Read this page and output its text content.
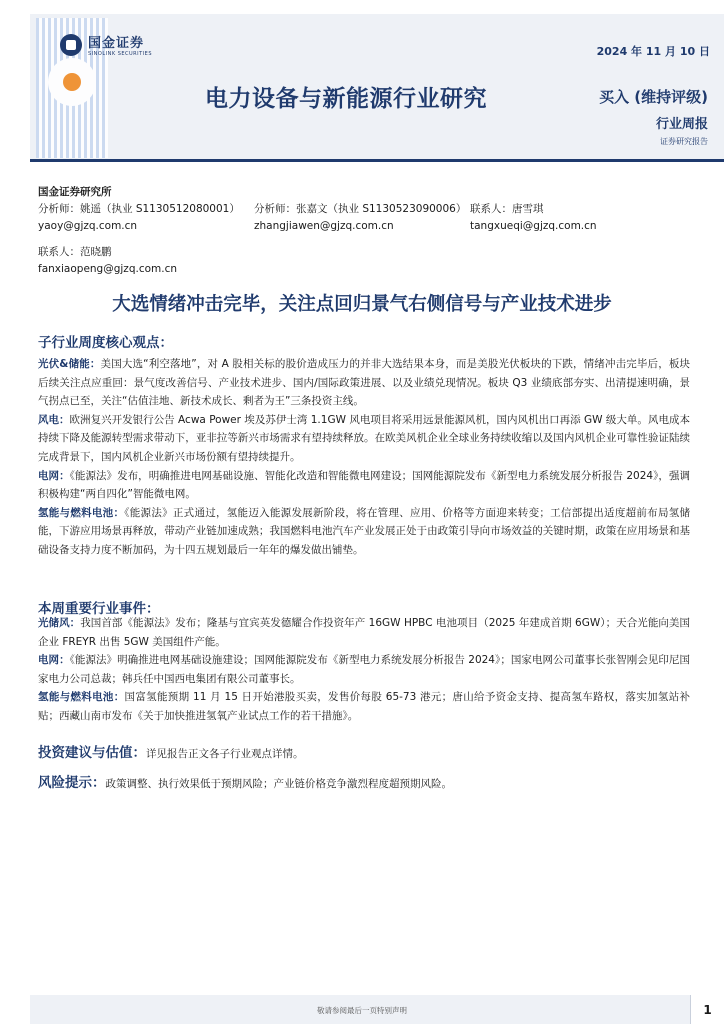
国金证券
SINOLINK SECURITIES	2024 年 11 月 10 日
电力设备与新能源行业研究	买入 (维持评级)
行业周报
证券研究报告
国金证券研究所
分析师：姚遥（执业 S1130512080001）	分析师：张嘉文（执业 S1130523090006） 联系人：唐雪琪
yaoy@gjzq.com.cn	zhangjiawen@gjzq.com.cn	tangxueqi@gjzq.com.cn
联系人：范晓鹏
fanxiaopeng@gjzq.com.cn
大选情绪冲击完毕，关注点回归景气右侧信号与产业技术进步
子行业周度核心观点：

光伏&储能：美国大选“利空落地”，对 A 股相关标的股价造成压力的并非大选结果本身，而是美股光伏板块的下跌，情绪冲击完毕后，板块后续关注点应重回：景气度改善信号、产业技术进步、国内/国际政策进展、以及业绩兑现情况。板块 Q3 业绩底部夯实、出清提速明确，景气拐点已至，关注“估值洼地、新技术成长、剩者为王”三条投资主线。

风电：欧洲复兴开发银行公告 Acwa Power 埃及苏伊士湾 1.1GW 风电项目将采用远景能源风机，国内风机出口再添 GW 级大单。风电成本持续下降及能源转型需求带动下，亚非拉等新兴市场需求有望持续释放。在欧美风机企业全球业务持续收缩以及国内风机企业可靠性验证陆续完成背景下，国内风机企业新兴市场份额有望持续提升。

电网：《能源法》发布，明确推进电网基础设施、智能化改造和智能微电网建设；国网能源院发布《新型电力系统发展分析报告 2024》，强调积极构建“两自四化”智能微电网。

氢能与燃料电池：《能源法》正式通过，氢能迈入能源发展新阶段，将在管理、应用、价格等方面迎来转变；工信部提出适度超前布局氢储能，下游应用场景再释放，带动产业链加速成熟；我国燃料电池汽车产业发展正处于由政策引导向市场效益的关键时期，政策在应用场景和基础设备支持力度不断加码，为十四五规划最后一年年的爆发做出铺垫。

本周重要行业事件：

光储风：我国首部《能源法》发布；隆基与宜宾英发德耀合作投资年产 16GW HPBC 电池项目（2025 年建成首期 6GW）；天合光能向美国企业 FREYR 出售 5GW 美国组件产能。

电网：《能源法》明确推进电网基础设施建设；国网能源院发布《新型电力系统发展分析报告 2024》；国家电网公司董事长张智刚会见印尼国家电力公司总裁；韩兵任中国西电集团有限公司董事长。

氢能与燃料电池：国富氢能预期 11 月 15 日开始港股买卖，发售价每股 65-73 港元；唐山给予资金支持、提高氢车路权，落实加氢站补贴；西藏山南市发布《关于加快推进氢氧产业试点工作的若干措施》。

投资建议与估值：详见报告正文各子行业观点详情。
风险提示：政策调整、执行效果低于预期风险；产业链价格竞争激烈程度超预期风险。
敬请参阅最后一页特别声明	1
